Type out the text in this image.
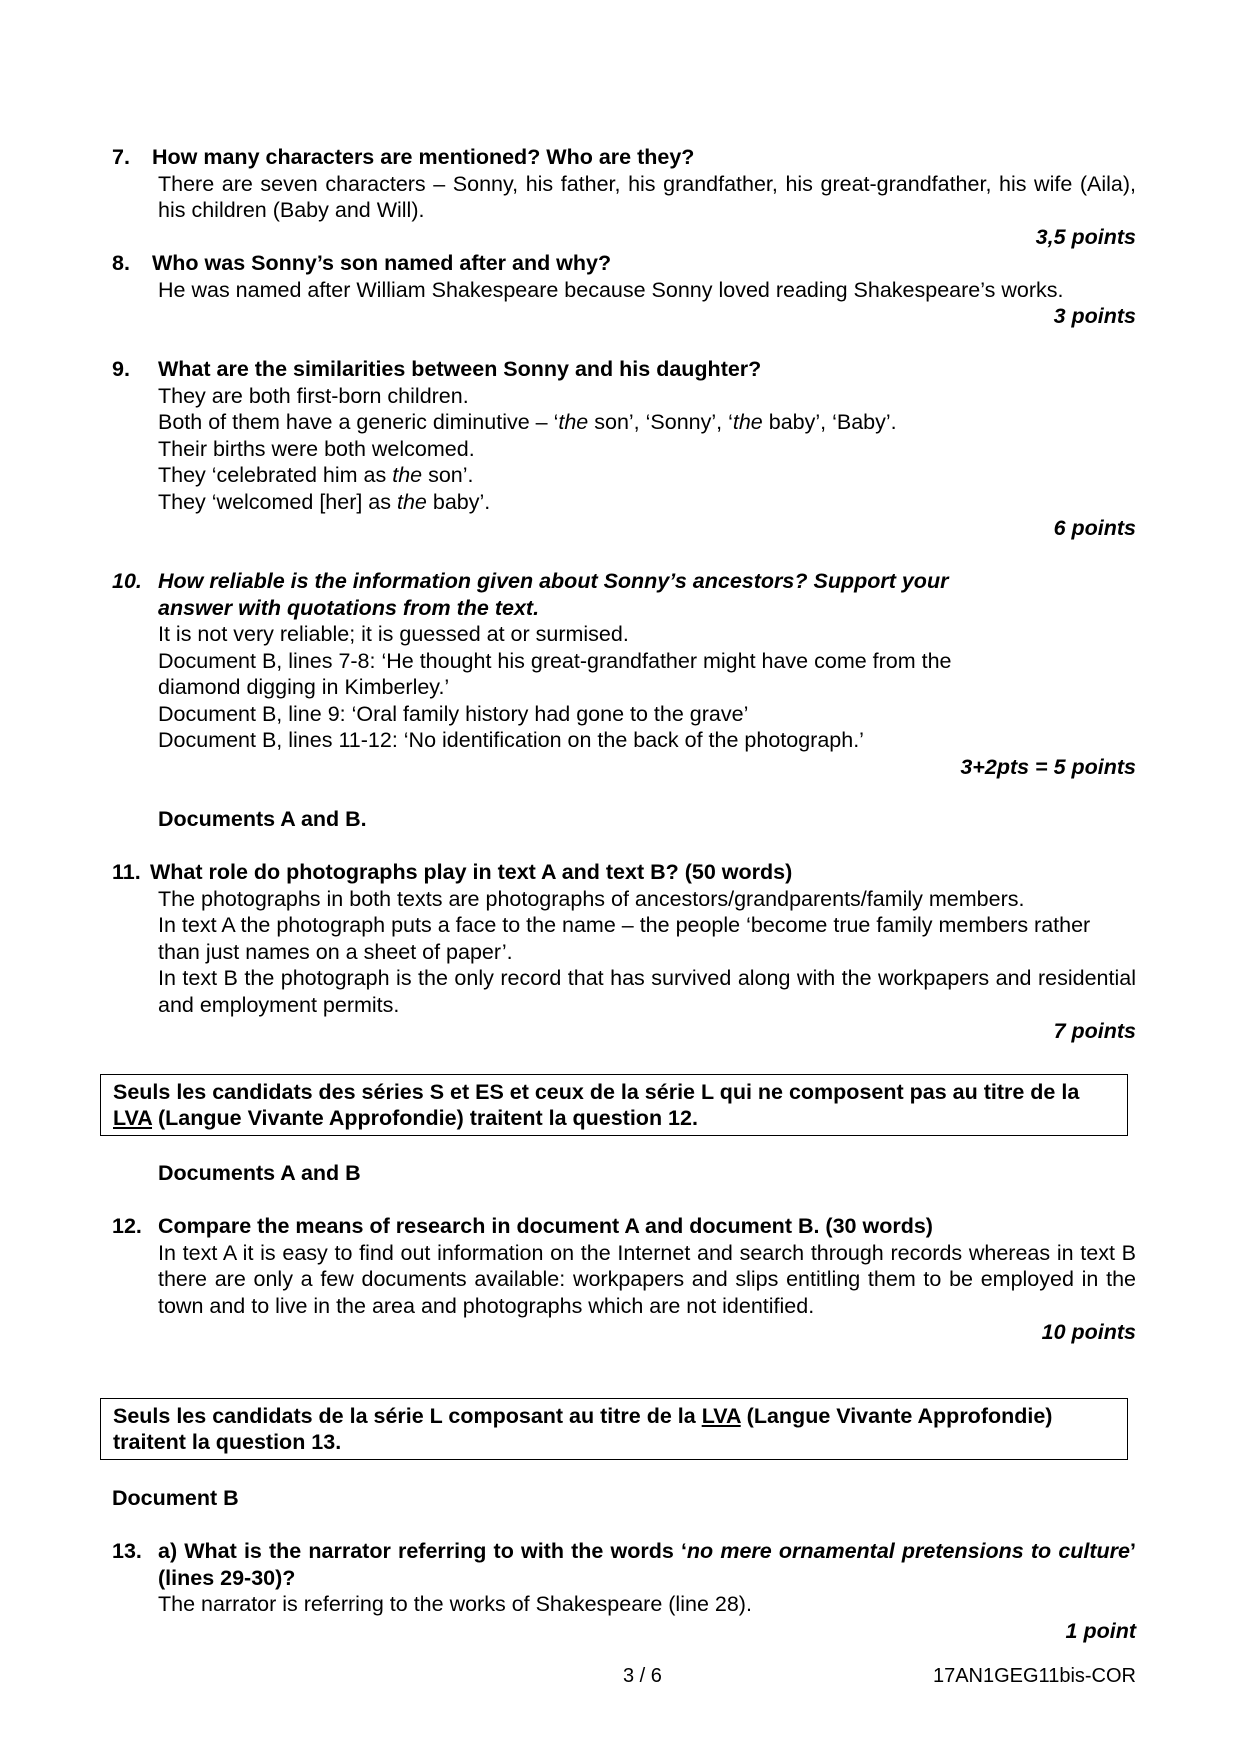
7. How many characters are mentioned? Who are they?
There are seven characters – Sonny, his father, his grandfather, his great-grandfather, his wife (Aila), his children (Baby and Will).
3,5 points
8. Who was Sonny’s son named after and why?
He was named after William Shakespeare because Sonny loved reading Shakespeare’s works.
3 points
9. What are the similarities between Sonny and his daughter?

They are both first-born children.

Both of them have a generic diminutive – ‘the son’, ‘Sonny’, ‘the baby’, ‘Baby’.

Their births were both welcomed.

They ‘celebrated him as the son’.

They ‘welcomed [her] as the baby’.

6 points
10. How reliable is the information given about Sonny’s ancestors? Support your
answer with quotations from the text.

It is not very reliable; it is guessed at or surmised.

Document B, lines 7-8: ‘He thought his great-grandfather might have come from the

diamond digging in Kimberley.’

Document B, line 9: ‘Oral family history had gone to the grave’

Document B, lines 11-12: ‘No identification on the back of the photograph.’

3+2pts = 5 points
Documents A and B.
11. What role do photographs play in text A and text B? (50 words)

The photographs in both texts are photographs of ancestors/grandparents/family members.

In text A the photograph puts a face to the name – the people ‘become true family members rather than just names on a sheet of paper’.

In text B the photograph is the only record that has survived along with the workpapers and residential and employment permits.

7 points
Seuls les candidats des séries S et ES et ceux de la série L qui ne composent pas au titre de la LVA (Langue Vivante Approfondie) traitent la question 12.
Documents A and B
12. Compare the means of research in document A and document B. (30 words)
In text A it is easy to find out information on the Internet and search through records whereas in text B there are only a few documents available: workpapers and slips entitling them to be employed in the town and to live in the area and photographs which are not identified.
10 points
Seuls les candidats de la série L composant au titre de la LVA (Langue Vivante Approfondie) traitent la question 13.
Document B
13. a) What is the narrator referring to with the words ‘no mere ornamental pretensions to culture’ (lines 29-30)?
The narrator is referring to the works of Shakespeare (line 28).
1 point
3 / 6	17AN1GEG11bis-COR
